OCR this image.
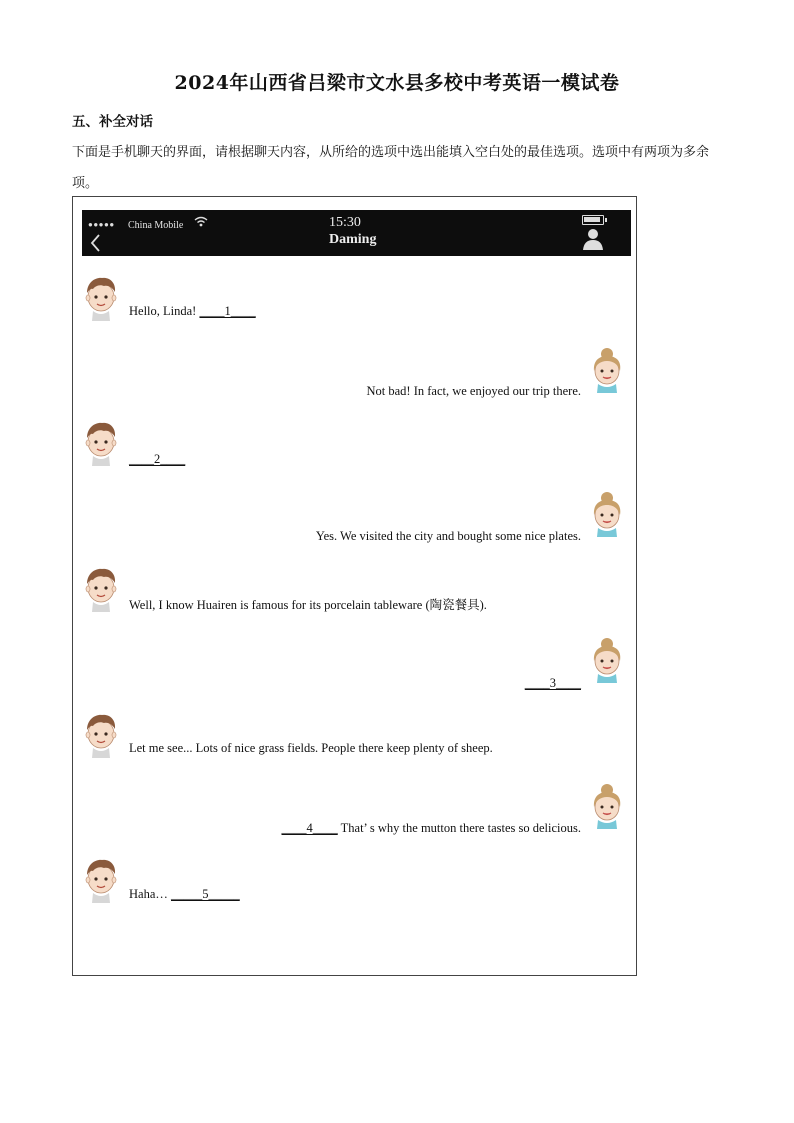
2024年山西省吕梁市文水县多校中考英语一模试卷
五、补全对话
下面是手机聊天的界面，请根据聊天内容，从所给的选项中选出能填入空白处的最佳选项。选项中有两项为多余项。
●●●●● China Mobile	15:30
Daming
Hello, Linda! ____1____
Not bad! In fact, we enjoyed our trip there.
____2____
Yes. We visited the city and bought some nice plates.
Well, I know Huairen is famous for its porcelain tableware (陶瓷餐具).
____3____
Let me see... Lots of nice grass fields. People there keep plenty of sheep.
____4____ That’ s why the mutton there tastes so delicious.
Haha… _____5_____
